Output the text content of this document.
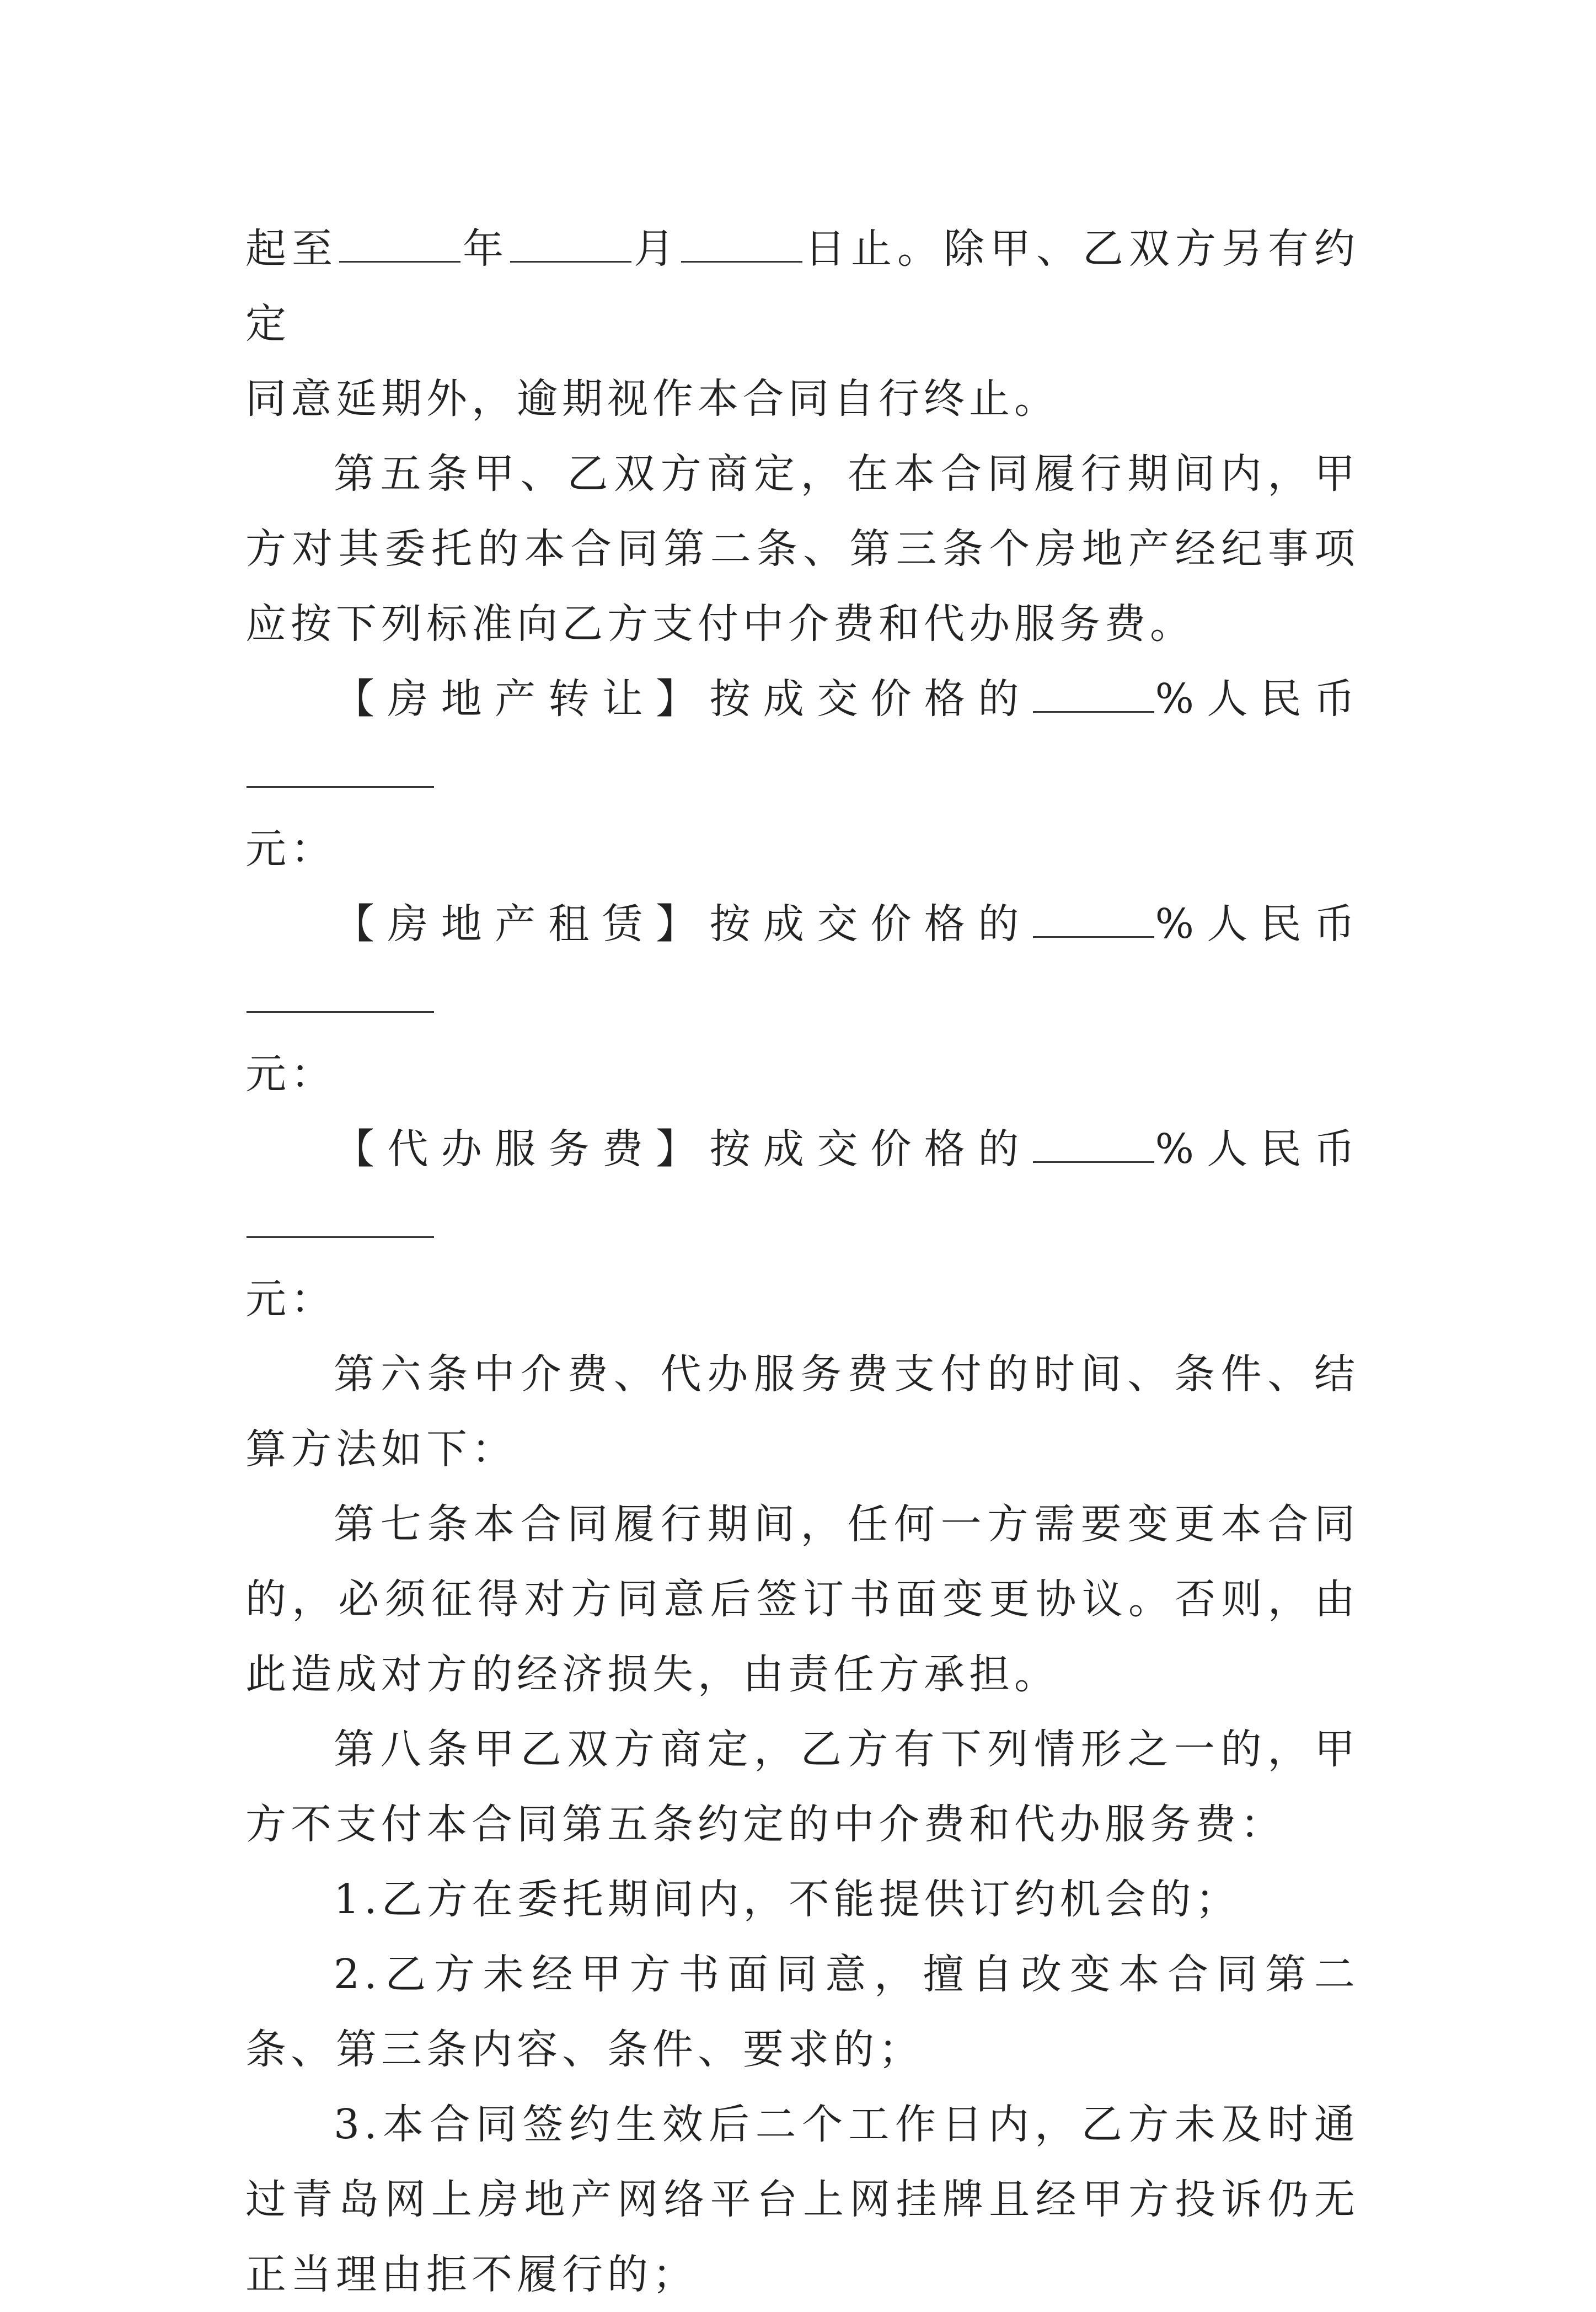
起至	年	月	日止。除甲、乙双方另有约定

同意延期外，逾期视作本合同自行终止。

第五条甲、乙双方商定，在本合同履行期间内，甲方对其委托的本合同第二条、第三条个房地产经纪事项应按下列标准向乙方支付中介费和代办服务费。

【房地产转让】按成交价格的	%人民币

元：

【房地产租赁】按成交价格的	%人民币

元：

【代办服务费】按成交价格的	%人民币

元：

第六条中介费、代办服务费支付的时间、条件、结算方法如下：

第七条本合同履行期间，任何一方需要变更本合同的，必须征得对方同意后签订书面变更协议。否则，由此造成对方的经济损失，由责任方承担。

第八条甲乙双方商定，乙方有下列情形之一的，甲方不支付本合同第五条约定的中介费和代办服务费：

1.乙方在委托期间内，不能提供订约机会的；

2.乙方未经甲方书面同意，擅自改变本合同第二条、第三条内容、条件、要求的；

3.本合同签约生效后二个工作日内，乙方未及时通过青岛网上房地产网络平台上网挂牌且经甲方投诉仍无正当理由拒不履行的；
